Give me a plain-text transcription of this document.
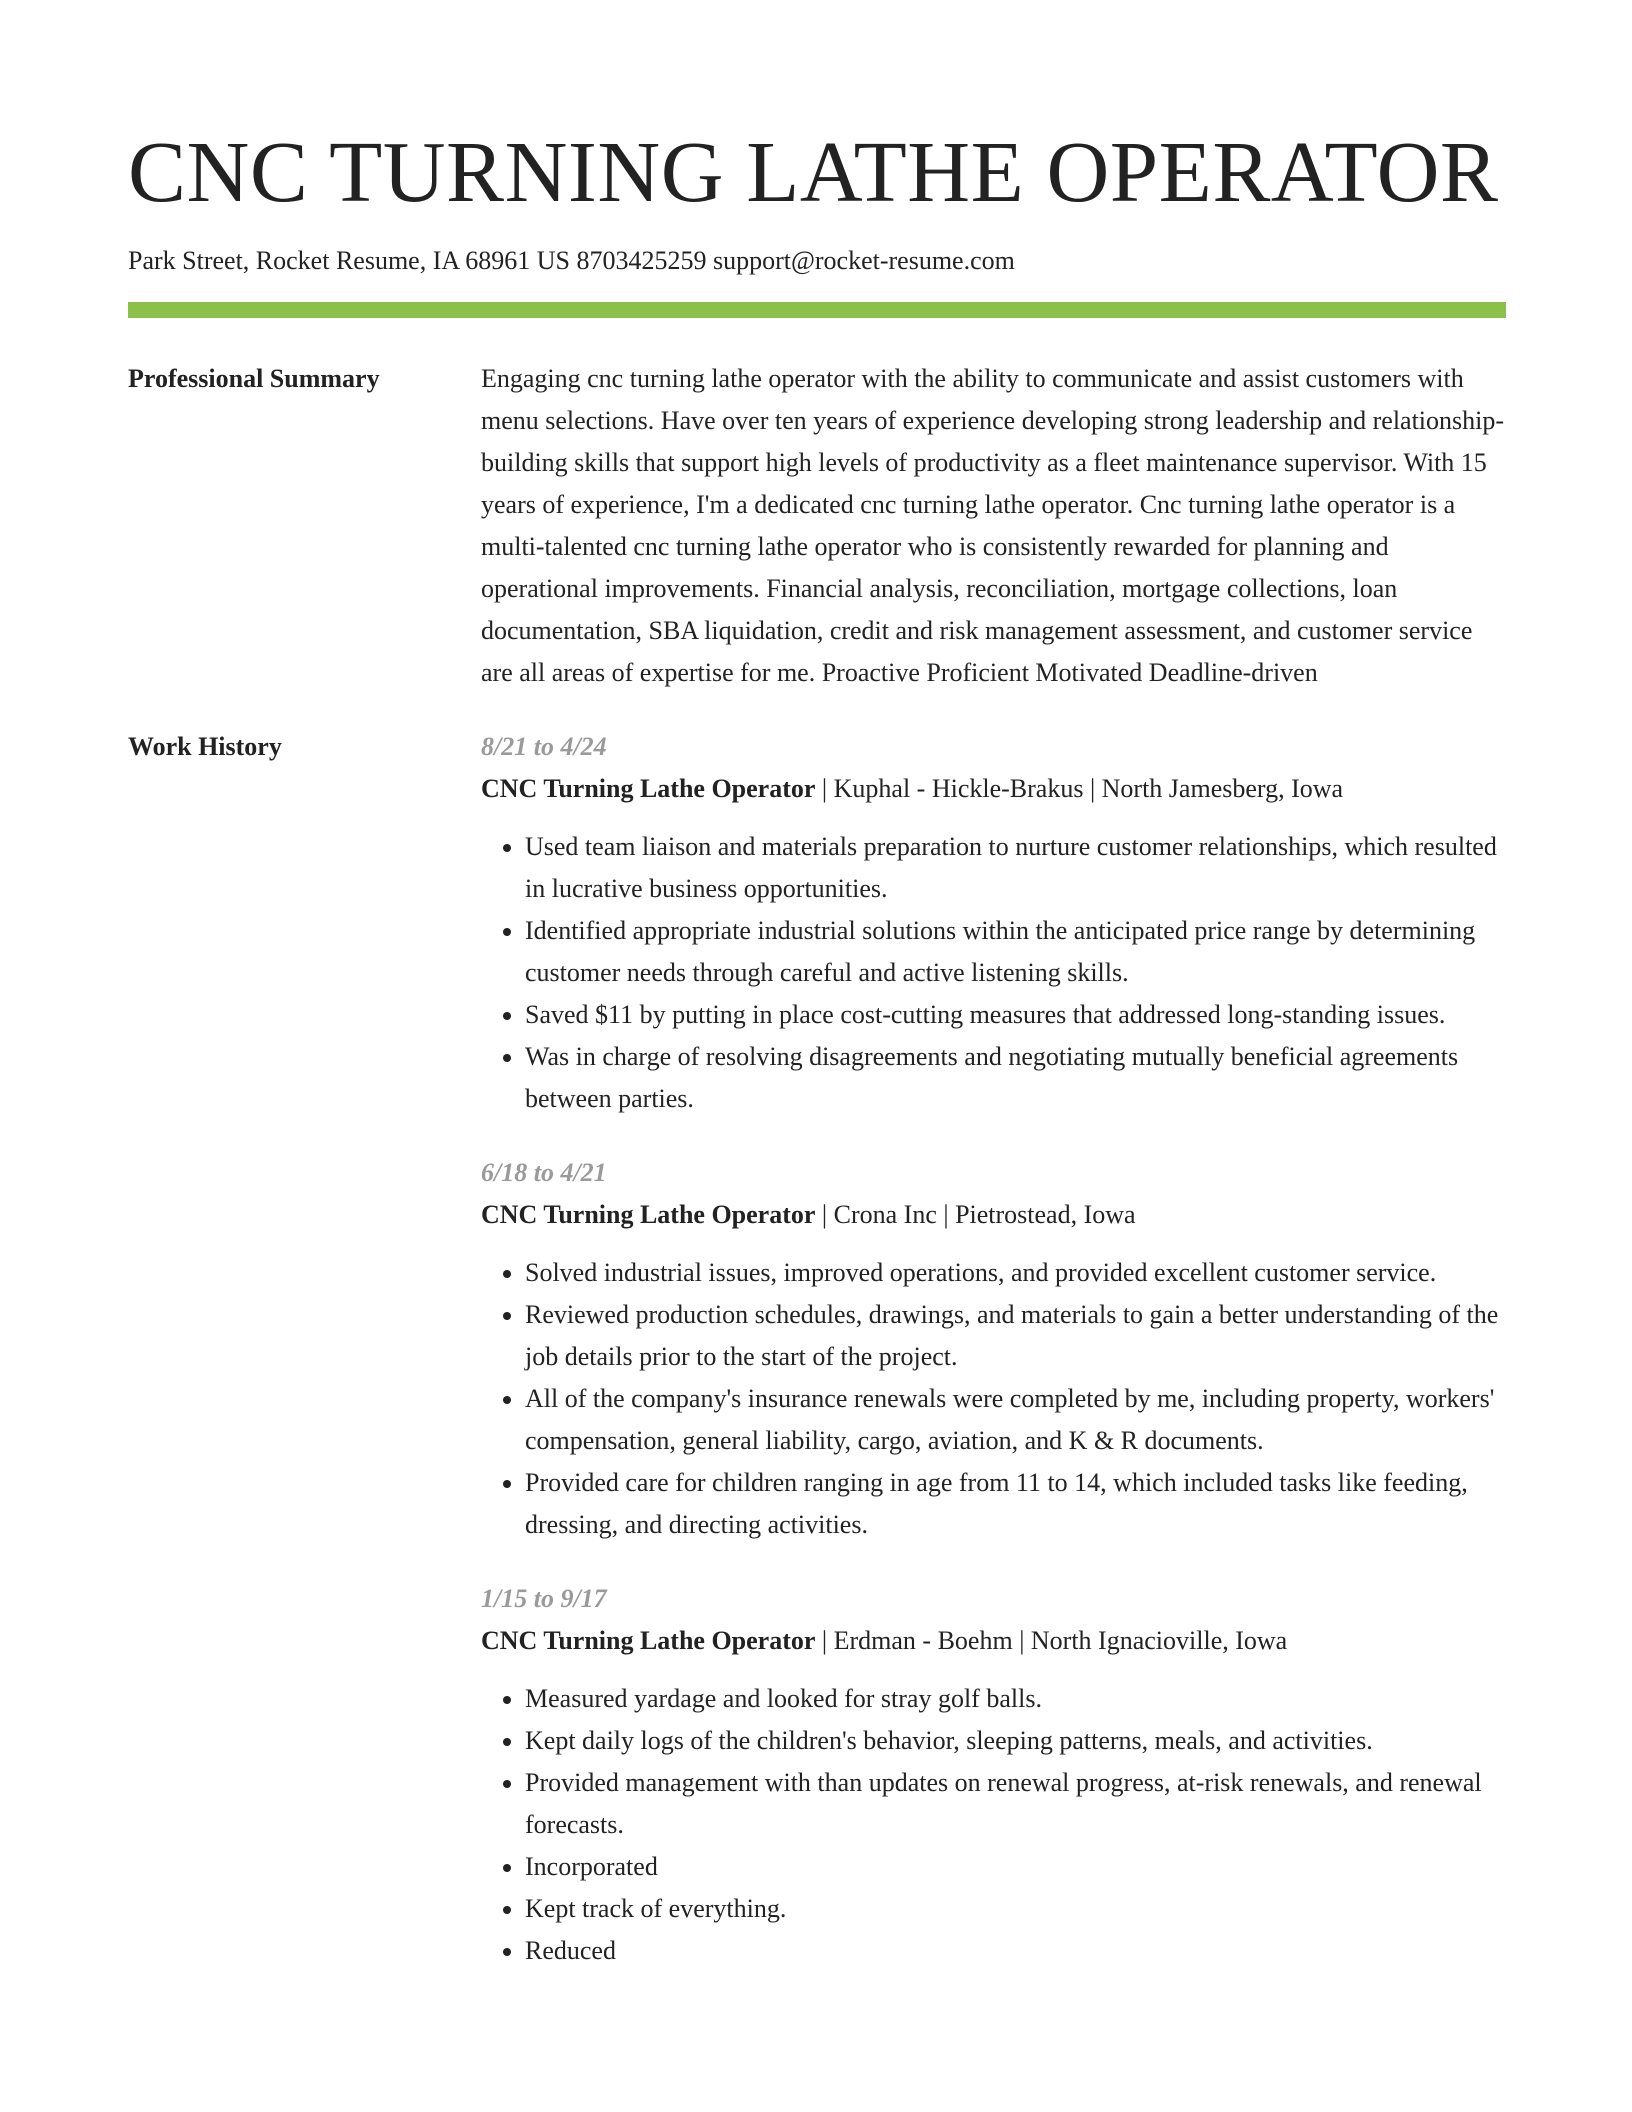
CNC TURNING LATHE OPERATOR
Park Street, Rocket Resume, IA 68961 US 8703425259 support@rocket-resume.com
Professional Summary	Engaging cnc turning lathe operator with the ability to communicate and assist customers with menu selections. Have over ten years of experience developing strong leadership and relationship-building skills that support high levels of productivity as a fleet maintenance supervisor. With 15 years of experience, I'm a dedicated cnc turning lathe operator. Cnc turning lathe operator is a multi-talented cnc turning lathe operator who is consistently rewarded for planning and operational improvements. Financial analysis, reconciliation, mortgage collections, loan documentation, SBA liquidation, credit and risk management assessment, and customer service are all areas of expertise for me. Proactive Proficient Motivated Deadline-driven

Work History	8/21 to 4/24
CNC Turning Lathe Operator | Kuphal - Hickle-Brakus | North Jamesberg, Iowa
• Used team liaison and materials preparation to nurture customer relationships, which resulted in lucrative business opportunities.
• Identified appropriate industrial solutions within the anticipated price range by determining customer needs through careful and active listening skills.
• Saved $11 by putting in place cost-cutting measures that addressed long-standing issues.
• Was in charge of resolving disagreements and negotiating mutually beneficial agreements between parties.
6/18 to 4/21
CNC Turning Lathe Operator | Crona Inc | Pietrostead, Iowa
• Solved industrial issues, improved operations, and provided excellent customer service.
• Reviewed production schedules, drawings, and materials to gain a better understanding of the job details prior to the start of the project.
• All of the company's insurance renewals were completed by me, including property, workers' compensation, general liability, cargo, aviation, and K & R documents.
• Provided care for children ranging in age from 11 to 14, which included tasks like feeding, dressing, and directing activities.
1/15 to 9/17
CNC Turning Lathe Operator | Erdman - Boehm | North Ignacioville, Iowa
• Measured yardage and looked for stray golf balls.
• Kept daily logs of the children's behavior, sleeping patterns, meals, and activities.
• Provided management with than updates on renewal progress, at-risk renewals, and renewal forecasts.
• Incorporated
• Kept track of everything.
• Reduced
